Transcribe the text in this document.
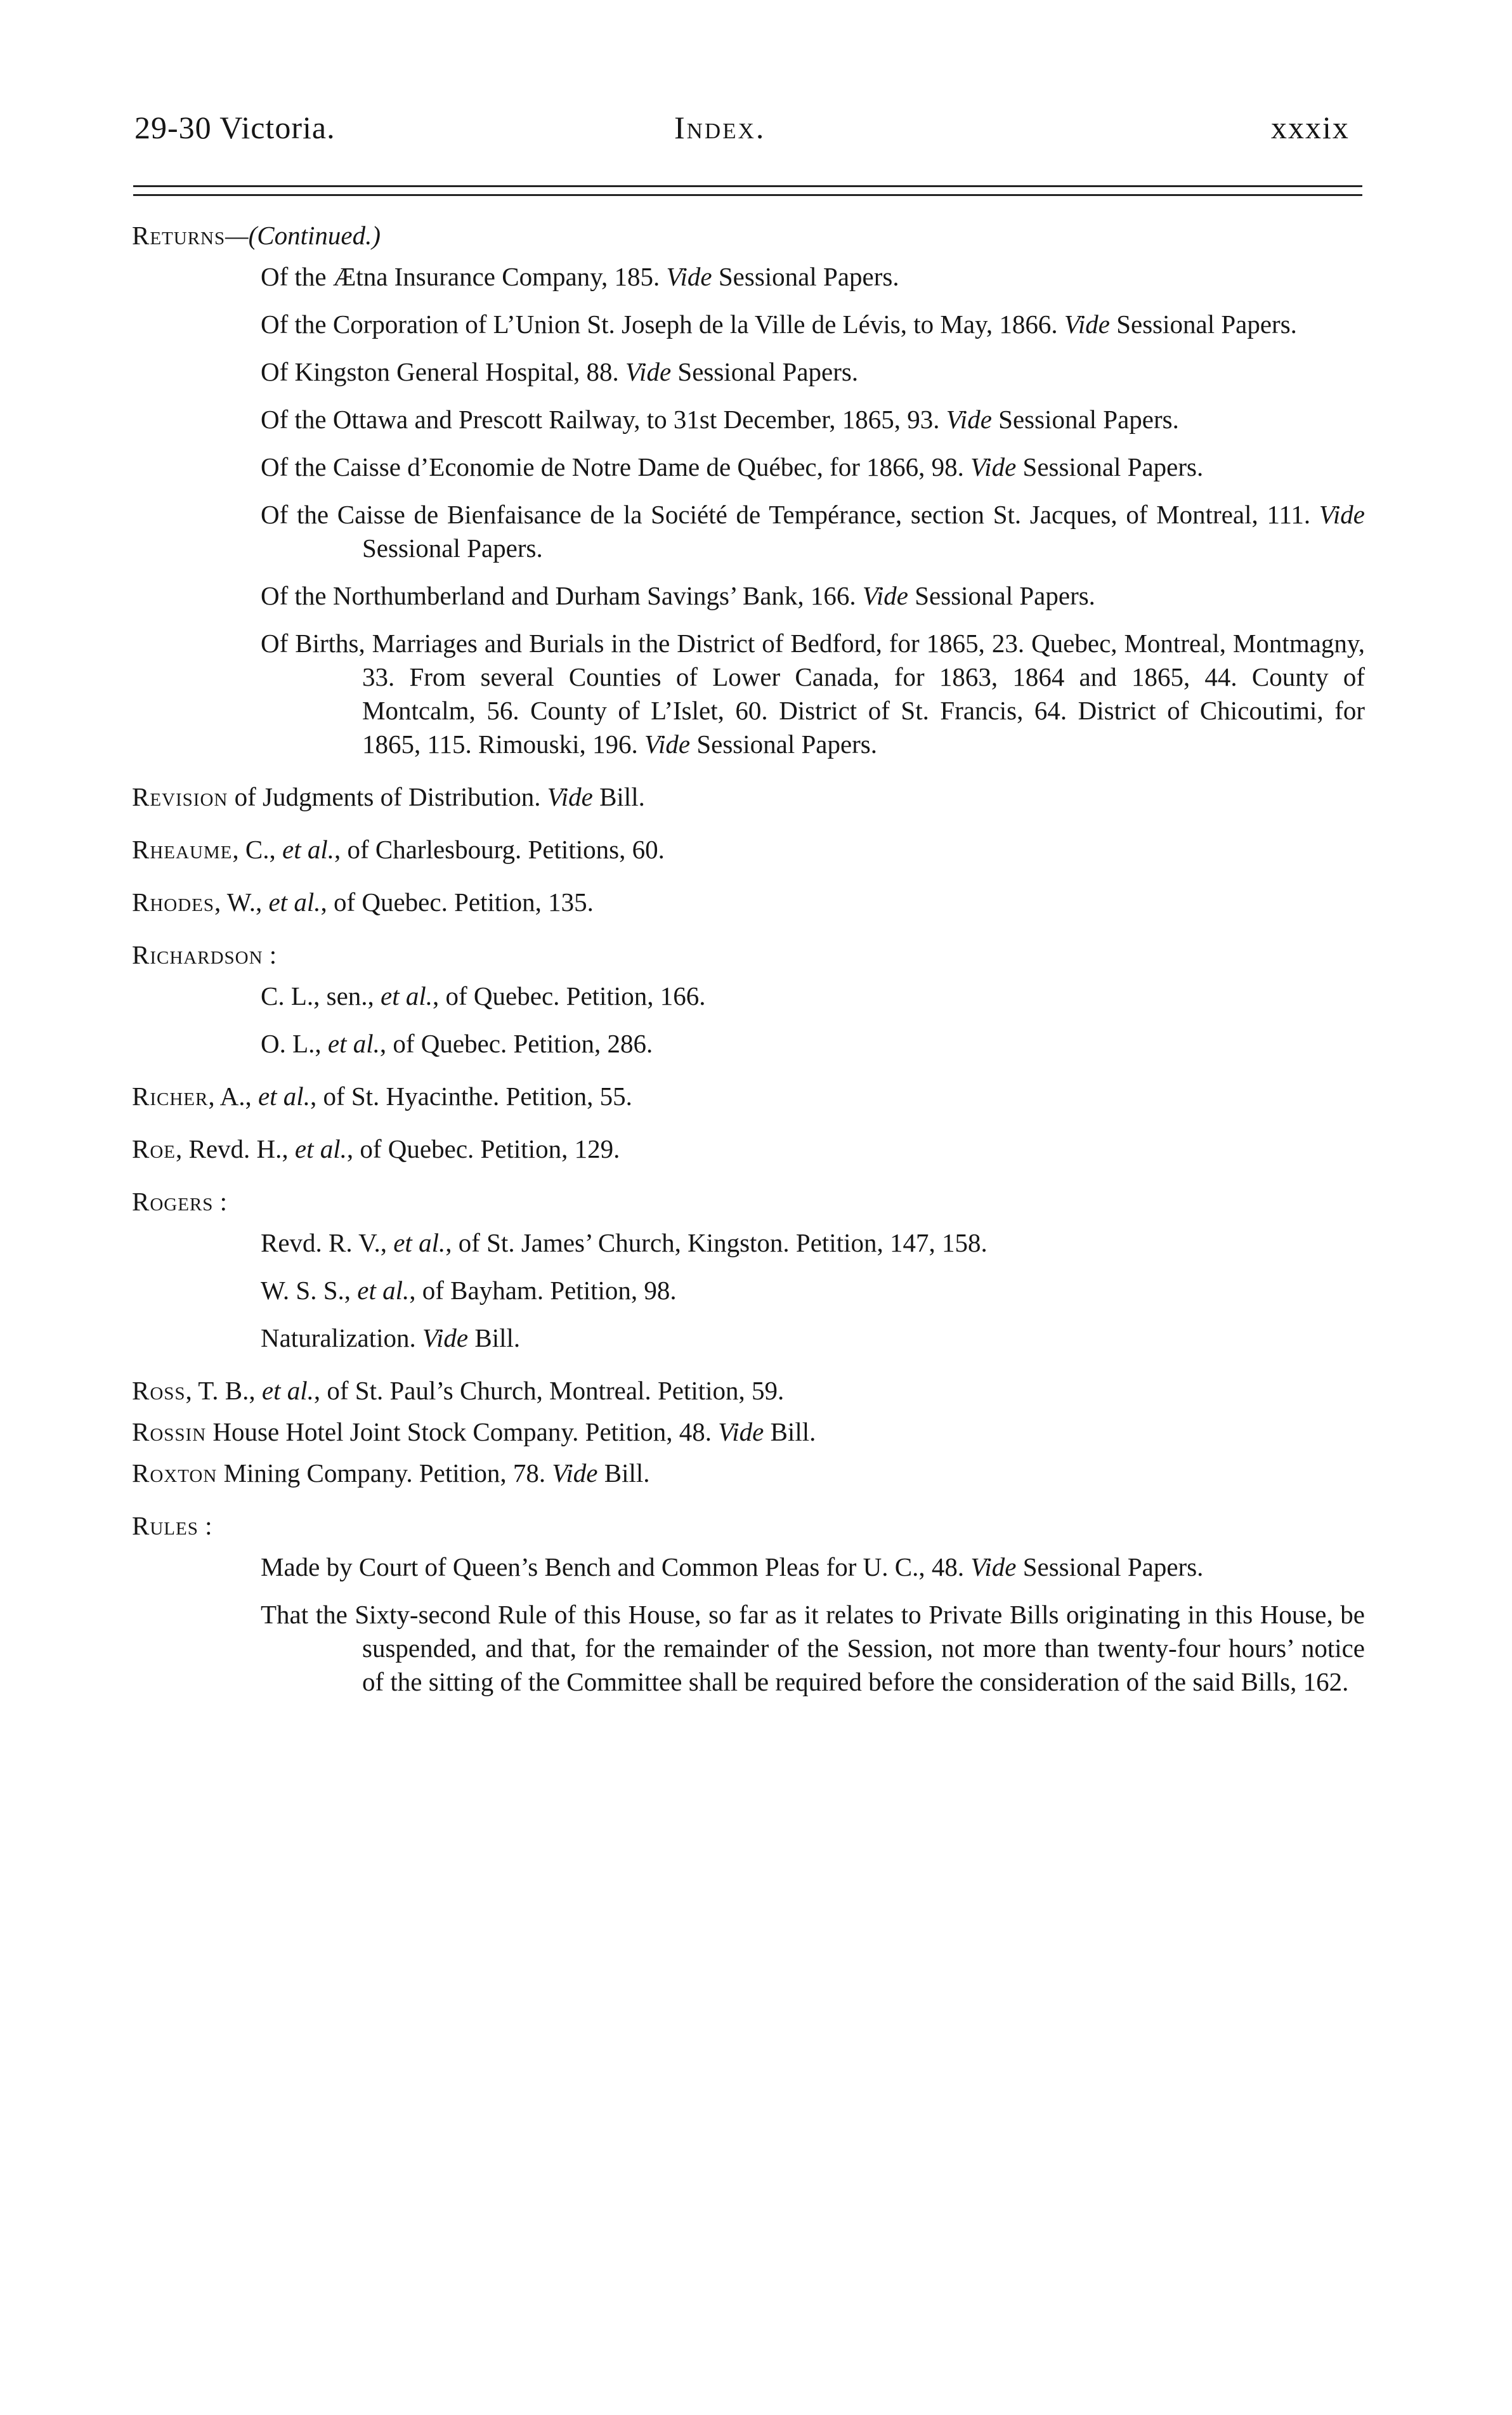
29-30 Victoria.	Index.	xxxix
Returns—(Continued.)

Of the Ætna Insurance Company, 185. Vide Sessional Papers.

Of the Corporation of L’Union St. Joseph de la Ville de Lévis, to May, 1866. Vide Sessional Papers.

Of Kingston General Hospital, 88. Vide Sessional Papers.

Of the Ottawa and Prescott Railway, to 31st December, 1865, 93. Vide Sessional Papers.

Of the Caisse d’Economie de Notre Dame de Québec, for 1866, 98. Vide Sessional Papers.

Of the Caisse de Bienfaisance de la Société de Tempérance, section St. Jacques, of Montreal, 111. Vide Sessional Papers.

Of the Northumberland and Durham Savings’ Bank, 166. Vide Sessional Papers.

Of Births, Marriages and Burials in the District of Bedford, for 1865, 23. Quebec, Montreal, Montmagny, 33. From several Counties of Lower Canada, for 1863, 1864 and 1865, 44. County of Montcalm, 56. County of L’Islet, 60. District of St. Francis, 64. District of Chicoutimi, for 1865, 115. Rimouski, 196. Vide Sessional Papers.

Revision of Judgments of Distribution. Vide Bill.
Rheaume, C., et al., of Charlesbourg. Petitions, 60.
Rhodes, W., et al., of Quebec. Petition, 135.
Richardson :

C. L., sen., et al., of Quebec. Petition, 166.

O. L., et al., of Quebec. Petition, 286.

Richer, A., et al., of St. Hyacinthe. Petition, 55.
Roe, Revd. H., et al., of Quebec. Petition, 129.
Rogers :

Revd. R. V., et al., of St. James’ Church, Kingston. Petition, 147, 158.

W. S. S., et al., of Bayham. Petition, 98.

Naturalization. Vide Bill.

Ross, T. B., et al., of St. Paul’s Church, Montreal. Petition, 59.
Rossin House Hotel Joint Stock Company. Petition, 48. Vide Bill.
Roxton Mining Company. Petition, 78. Vide Bill.
Rules :

Made by Court of Queen’s Bench and Common Pleas for U. C., 48. Vide Sessional Papers.

That the Sixty-second Rule of this House, so far as it relates to Private Bills originating in this House, be suspended, and that, for the remainder of the Session, not more than twenty-four hours’ notice of the sitting of the Committee shall be required before the consideration of the said Bills, 162.
